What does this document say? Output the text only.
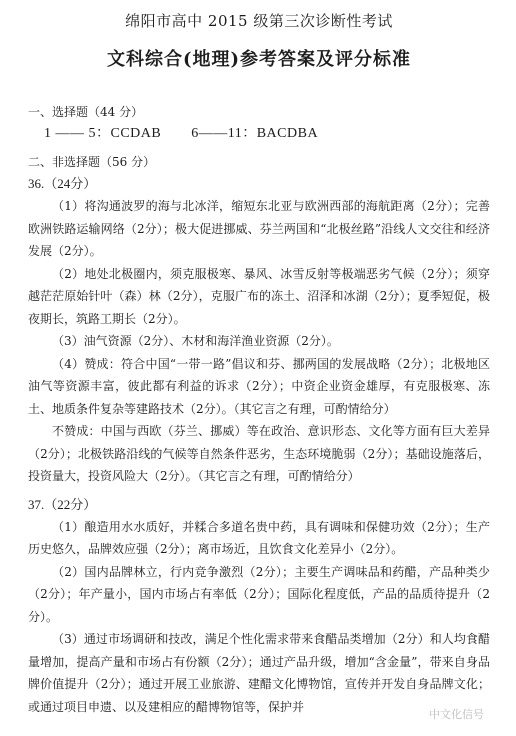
绵阳市高中 2015 级第三次诊断性考试
文科综合(地理)参考答案及评分标准
一、选择题（44 分）
1 —— 5：CCDAB 6——11：BACDBA
二、非选择题（56 分）
36.（24分）

（1）将沟通波罗的海与北冰洋，缩短东北亚与欧洲西部的海航距离（2分）；完善欧洲铁路运输网络（2分）；极大促进挪威、芬兰两国和“北极丝路”沿线人文交往和经济发展（2分）。

（2）地处北极圈内，须克服极寒、暴风、冰雪反射等极端恶劣气候（2分）；须穿越茫茫原始针叶（森）林（2分），克服广布的冻土、沼泽和冰湖（2分）；夏季短促，极夜期长，筑路工期长（2分）。

（3）油气资源（2分）、木材和海洋渔业资源（2分）。

（4）赞成：符合中国“一带一路”倡议和芬、挪两国的发展战略（2分）；北极地区油气等资源丰富，彼此都有利益的诉求（2分）；中资企业资金雄厚，有克服极寒、冻土、地质条件复杂等建路技术（2分）。（其它言之有理，可酌情给分）

不赞成：中国与西欧（芬兰、挪威）等在政治、意识形态、文化等方面有巨大差异（2分）；北极铁路沿线的气候等自然条件恶劣，生态环境脆弱（2分）；基础设施落后，投资量大，投资风险大（2分）。（其它言之有理，可酌情给分）

37.（22分）

（1）酿造用水水质好，并糅合多道名贵中药，具有调味和保健功效（2分）；生产历史悠久，品牌效应强（2分）；离市场近，且饮食文化差异小（2分）。

（2）国内品牌林立，行内竞争激烈（2分）；主要生产调味品和药醋，产品种类少（2分）；年产量小，国内市场占有率低（2分）；国际化程度低，产品的品质待提升（2分）。

（3）通过市场调研和技改，满足个性化需求带来食醋品类增加（2分）和人均食醋量增加，提高产量和市场占有份额（2分）；通过产品升级，增加“含金量”，带来自身品牌价值提升（2分）；通过开展工业旅游、建醋文化博物馆，宣传并开发自身品牌文化；或通过项目申遗、以及建相应的醋博物馆等，保护并

中文化信号
